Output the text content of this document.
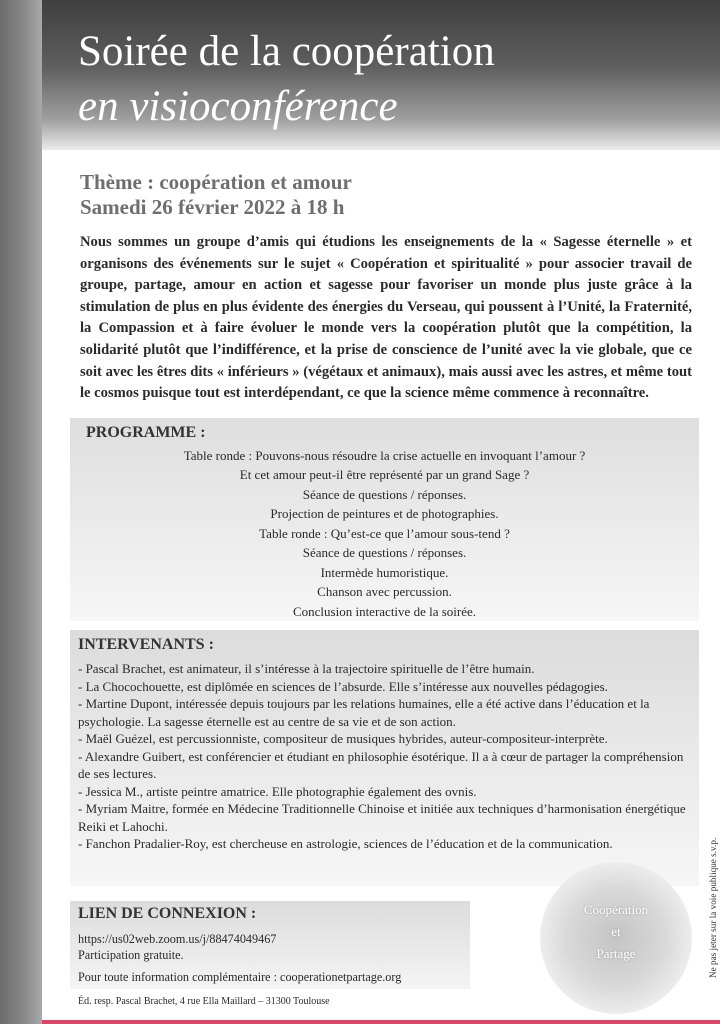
Soirée de la coopération
en visioconférence
Thème : coopération et amour
Samedi 26 février 2022 à 18 h
Nous sommes un groupe d’amis qui étudions les enseignements de la « Sagesse éternelle » et organisons des événements sur le sujet « Coopération et spiritualité » pour associer travail de groupe, partage, amour en action et sagesse pour favoriser un monde plus juste grâce à la stimulation de plus en plus évidente des énergies du Verseau, qui poussent à l’Unité, la Fraternité, la Compassion et à faire évoluer le monde vers la coopération plutôt que la compétition, la solidarité plutôt que l’indifférence, et la prise de conscience de l’unité avec la vie globale, que ce soit avec les êtres dits « inférieurs » (végétaux et animaux), mais aussi avec les astres, et même tout le cosmos puisque tout est interdépendant, ce que la science même commence à reconnaître.
PROGRAMME :
Table ronde : Pouvons-nous résoudre la crise actuelle en invoquant l’amour ?
Et cet amour peut-il être représenté par un grand Sage ?
Séance de questions / réponses.
Projection de peintures et de photographies.
Table ronde : Qu’est-ce que l’amour sous-tend ?
Séance de questions / réponses.
Intermède humoristique.
Chanson avec percussion.
Conclusion interactive de la soirée.
INTERVENANTS :
- Pascal Brachet, est animateur, il s’intéresse à la trajectoire spirituelle de l’être humain.
- La Chocochouette, est diplômée en sciences de l’absurde. Elle s’intéresse aux nouvelles pédagogies.
- Martine Dupont, intéressée depuis toujours par les relations humaines, elle a été active dans l’éducation et la psychologie. La sagesse éternelle est au centre de sa vie et de son action.
- Maël Guézel, est percussionniste, compositeur de musiques hybrides, auteur-compositeur-interprète.
- Alexandre Guibert, est conférencier et étudiant en philosophie ésotérique. Il a à cœur de partager la compréhension de ses lectures.
- Jessica M., artiste peintre amatrice. Elle photographie également des ovnis.
- Myriam Maitre, formée en Médecine Traditionnelle Chinoise et initiée aux techniques d’harmonisation énergétique Reiki et Lahochi.
- Fanchon Pradalier-Roy, est chercheuse en astrologie, sciences de l’éducation et de la communication.
LIEN DE CONNEXION :
https://us02web.zoom.us/j/88474049467
Participation gratuite.
Pour toute information complémentaire : cooperationetpartage.org
Coopération
et
Partage	Ne pas jeter sur la voie publique s.v.p.
Éd. resp. Pascal Brachet, 4 rue Ella Maillard – 31300 Toulouse
